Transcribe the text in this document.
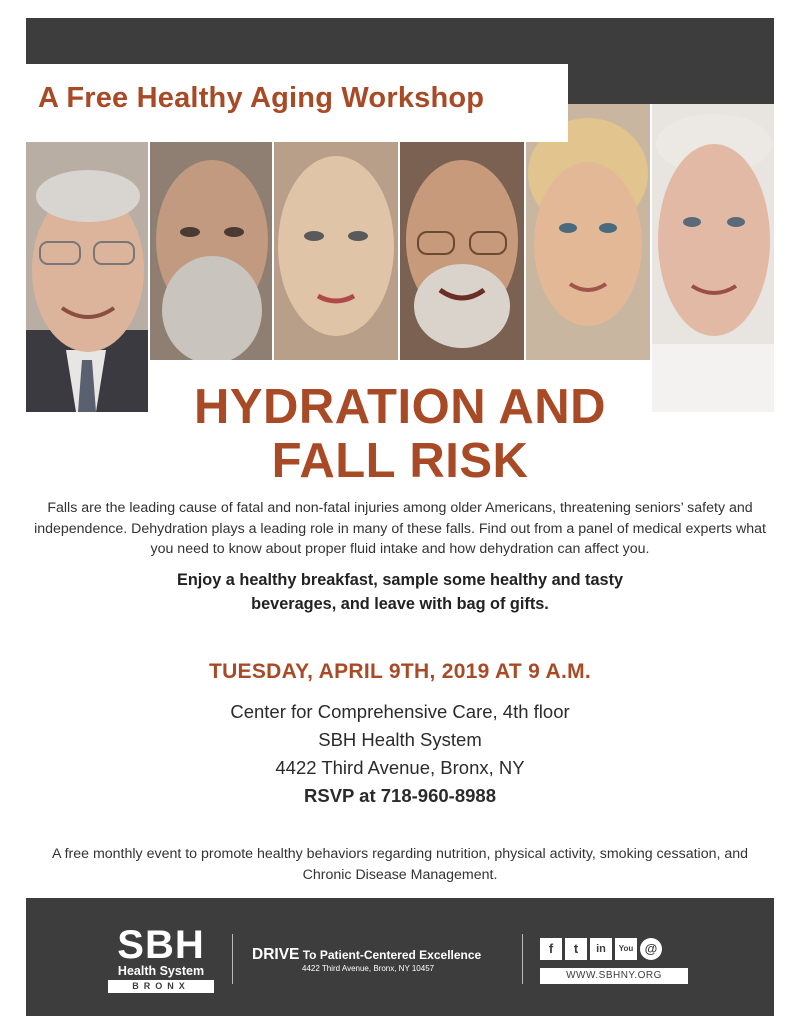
A Free Healthy Aging Workshop
HYDRATION AND
FALL RISK
Falls are the leading cause of fatal and non-fatal injuries among older Americans, threatening seniors’ safety and independence. Dehydration plays a leading role in many of these falls. Find out from a panel of medical experts what you need to know about proper fluid intake and how dehydration can affect you.
Enjoy a healthy breakfast, sample some healthy and tasty
beverages, and leave with bag of gifts.
TUESDAY, APRIL 9TH, 2019 AT 9 A.M.
Center for Comprehensive Care, 4th floor
SBH Health System
4422 Third Avenue, Bronx, NY
RSVP at 718-960-8988
A free monthly event to promote healthy behaviors regarding nutrition, physical activity, smoking cessation, and Chronic Disease Management.
SBH
Health System
BRONX
DRIVE To Patient-Centered Excellence
4422 Third Avenue, Bronx, NY 10457
f	t	in	You @
WWW.SBHNY.ORG
